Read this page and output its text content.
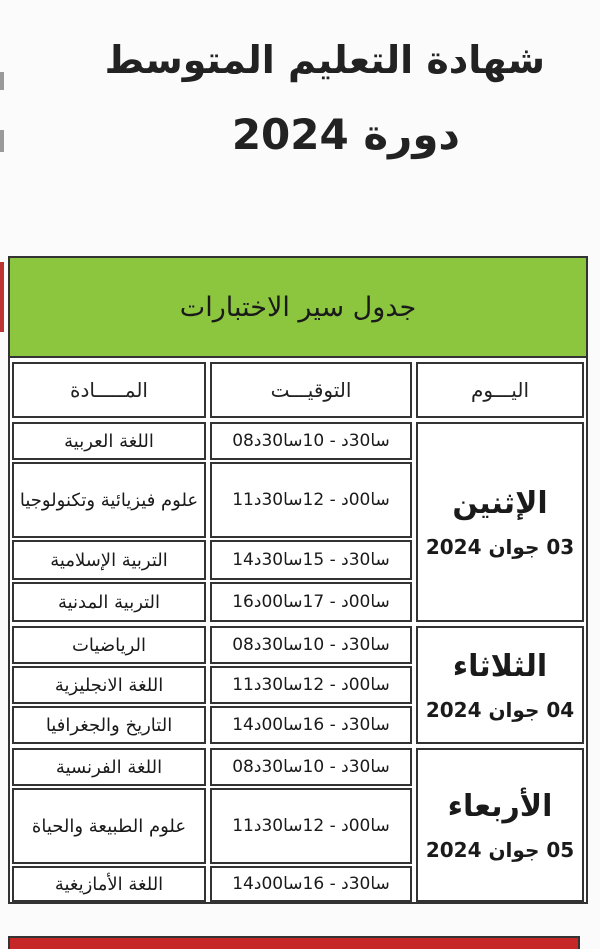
شهادة التعليم المتوسط
دورة 2024
جدول سير الاختبارات
المـــــادة	التوقيـــت	اليـــوم
الإثنين
03 جوان 2024
08سا30د - 10سا30د
اللغة العربية
11سا00د - 12سا30د
علوم فيزيائية وتكنولوجيا
14سا30د - 15سا30د
التربية الإسلامية
16سا00د - 17سا00د
التربية المدنية
الثلاثاء
04 جوان 2024
08سا30د - 10سا30د
الرياضيات
11سا00د - 12سا30د
اللغة الانجليزية
14سا30د - 16سا00د
التاريخ والجغرافيا
الأربعاء
05 جوان 2024
08سا30د - 10سا30د
اللغة الفرنسية
11سا00د - 12سا30د
علوم الطبيعة والحياة
14سا30د - 16سا00د
اللغة الأمازيغية
